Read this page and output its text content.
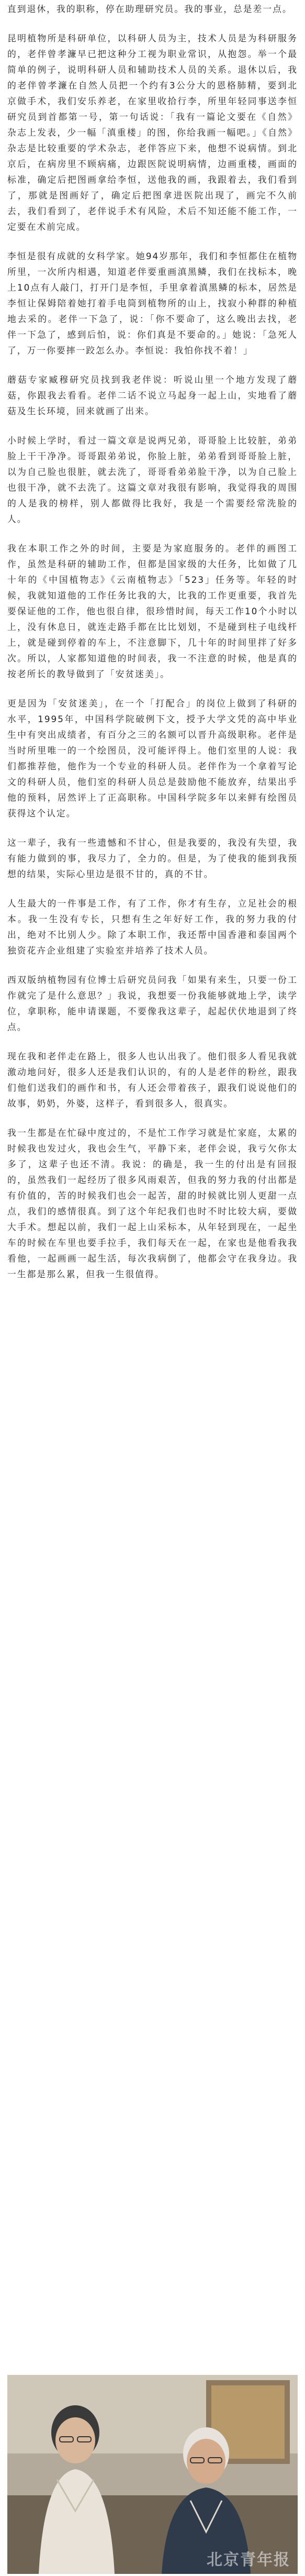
直到退休，我的职称，停在助理研究员。我的事业，总是差一点。

昆明植物所是科研单位，以科研人员为主，技术人员是为科研服务的，老伴曾孝濂早已把这种分工视为职业常识，从抱怨。举一个最简单的例子，说明科研人员和辅助技术人员的关系。退休以后，我的老伴曾孝濂在自然人员把一个约有3公分大的恩格肺精，要到北京做手术，我们安乐养老，在家里收拾行李，所里年轻同事送李恒研究员到首都第一号，第一句话说：「我有一篇论文要在《自然》杂志上发表，少一幅「滇重楼」的图，你给我画一幅吧。」《自然》杂志是比较重要的学术杂志，老伴答应下来，他想不说病情。到北京后，在病房里不顾病痛，边跟医院说明病情，边画重楼，画面的标准，确定后把图画拿给李恒，送他我的画，我跟着去，我们看到了，那就是图画好了，确定后把图拿进医院出现了，画完不久前去，我们看到了，老伴说手术有风险，术后不知还能不能工作，一定要在术前完成。

李恒是很有成就的女科学家。她94岁那年，我们和李恒都住在植物所里，一次所内相遇，知道老伴要重画滇黑鳞，我们在找标本，晚上10点有人敲门，打开门是李恒，手里拿着滇黑鳞的标本，居然是李恒让保姆陪着她打着手电筒到植物所的山上，找寂小种群的种植地去采的。老伴一下急了，说：「你不要命了，这么晚出去找，老伴一下急了，感到后怕，说：你们真是不要命的。」她说：「急死人了，万一你要摔一跤怎么办。李恒说：我怕你找不着！」

蘑菇专家臧穆研究员找到我老伴说：听说山里一个地方发现了蘑菇，你跟我去看看。老伴二话不说立马起身一起上山，实地看了蘑菇及生长环境，回来就画了出来。

小时候上学时，看过一篇文章是说两兄弟，哥哥脸上比较脏，弟弟脸上干干净净。哥哥跟弟弟说，你脸上脏，弟弟看到哥哥脸上脏，以为自己脸也很脏，就去洗了，哥哥看弟弟脸干净，以为自己脸上也很干净，就不去洗了。这篇文章对我很有影响，我觉得我的周围的人是我的榜样，别人都做得比我好，我是一个需要经常洗脸的人。

我在本职工作之外的时间，主要是为家庭服务的。老伴的画图工作，虽然是科研的辅助工作，但都是国家级的大任务，比如做了几十年的《中国植物志》《云南植物志》「523」任务等。年轻的时候，我就知道他的工作任务比我的大，比我的工作更重要，我首先要保证他的工作，他也很自律，很珍惜时间，每天工作10个小时以上，没有休息日，就连走路手都在比比划划，不是碰到柱子电线杆上，就是碰到停着的车上，不注意脚下，几十年的时间里拌了好多次。所以，人家都知道他的时间表，我一不注意的时候，他是真的按老所长的教导做到了「安贫迷美」。

更是因为「安贫迷美」，在一个「打配合」的岗位上做到了科研的水平，1995年，中国科学院破例下文，授予大学文凭的高中毕业生中有突出成绩者，有百分之三的名额可以晋升高级职称。老伴是当时所里唯一的一个绘图员，没可能评得上。他们室里的人说：我们都推荐他，他作为一个专业的科研人员。老伴作为一个拿着写论文的科研人员，他们室的科研人员总是鼓励他不能放弃，结果出乎他的预料，居然评上了正高职称。中国科学院多年以来鲜有绘图员获得这个认定。

这一辈子，我有一些遗憾和不甘心，但是我要的，我没有失望，我有能力做到的事，我尽力了，全力的。但是，为了使我的能到我预想的结果，实际心里边是很不甘的，真的不甘。

人生最大的一件事是工作，有了工作，你才有生存，立足社会的根本。我一生没有专长，只想有生之年好好工作，我的努力我的付出，绝对不比别人少。除了本职工作，我还帮中国香港和泰国两个独资花卉企业组建了实验室并培养了技术人员。

西双版纳植物园有位博士后研究员问我「如果有来生，只要一份工作就完了是什么意思？」我说，我想要一份我能够就地上学，读学位，拿职称，能申请课题，不要像我这辈子，起起伏伏地退到了终点。

现在我和老伴走在路上，很多人也认出我了。他们很多人看见我就激动地问好，很多人还是我们认识的，有的人是老伴的粉丝，跟我们他们送我们的画作和书，有人还会带着孩子，跟我们说说他们的故事，奶奶，外婆，这样子，看到很多人，很真实。

我一生都是在忙碌中度过的，不是忙工作学习就是忙家庭，太累的时候我也发过火，我也会生气，平静下来，老伴会说，我亏欠你太多了，这辈子也还不清。我说：的确是，我一生的付出是有回报的，虽然我们一起经历了很多风雨艰苦，但我的努力我的付出都是有价值的，苦的时候我们也会一起苦，甜的时候就比别人更甜一点点，我们的感情很真。到了这个年纪我们也时不时比较大病，要做大手术。想起以前，我们一起上山采标本，从年轻到现在，一起坐车的时候在车里也要手拉手，我们每天在一起，在家也是他看我我看他，一起画画一起生活，每次我病倒了，他都会守在我身边。我一生都是那么累，但我一生很值得。

北京青年报
